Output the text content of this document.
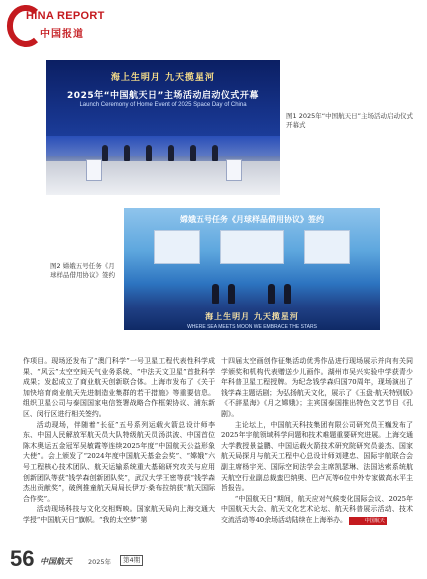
HINA REPORT
中国报道
海上生明月 九天揽星河
2025年“中国航天日”主场活动启动仪式开幕
Launch Ceremony of Home Event of 2025 Space Day of China
图1 2025年“中国航天日”主场活动启动仪式开幕式
嫦娥五号任务《月球样品借用协议》签约
海上生明月 九天揽星河
WHERE SEA MEETS MOON WE EMBRACE THE STARS
图2 嫦娥五号任务《月球样品借用协议》签约

作项目。现场还发布了“澳门科学”一号卫星工程代表性科学成果、“风云”太空空间天气业务系统、“中法天文卫星”首批科学成果；发起成立了商业航天创新联合体。上海市发布了《关于加快培育商业航天先进制造业集群的若干措施》等重要信息。组织卫星公司与泰国国家电信签署战略合作框架协议、浦东新区、闵行区进行相关签约。

活动现场，伴随着“长征”五号系列运载火箭总设计师李东、中国人民解放军航天员大队特级航天员汤洪波、中国首位陈木奥运五金冠军吴敏霞等连续2025年度“中国航天公益形象大使”。会上颁发了“2024年度中国航天基金会奖”、“嫦娥”六号工程核心技术团队、航天运输系统重大基础研究攻关与应用创新团队等获“钱学森创新团队奖”，武汉大学王密等获“钱学森杰出贡献奖”，破例推童航天局局长伊万·桑布拉纳获“航天国际合作奖”。

活动现场科技与文化交相辉映。国家航天局向上海交通大学授“中国航天日”旗帜。“我的太空梦”第

十四届太空画创作征集活动优秀作品进行现场展示并向有关同学颁奖和机构代表赠送少儿画作。湖州市吴兴实验中学获青少年科普卫星工程授牌。为纪念钱学森归国70周年，现场演出了钱学森主题话剧；为弘扬航天文化，展示了《玉盘·航天特别版》《不辞星海》《月之嫦娥》；主宾国泰国推出特色文艺节目《孔剧》。

主论坛上，中国航天科技集团有限公司研究员王巍发布了2025年宇航领域科学问题和技术难题重要研究进展。上海交通大学教授景益鹏、中国运载火箭技术研究院研究员姜杰、国家航天局探月与航天工程中心总设计师刘建忠、国际宇航联合会副主席杨宇光、国际空间法学会主席凯瑟琳、法国达索系统航天航空行业副总裁蛮巴纳奥、巴卢瓦等6位中外专家做高水平主旨报告。

“中国航天日”期间，航天应对气候变化国际会议、2025年中国航天大会、航天文化艺术论坛、航天科普展示活动、技术交流活动等40余场活动陆续在上海举办。	中国航天

56 中国航天 2025年	第4期
